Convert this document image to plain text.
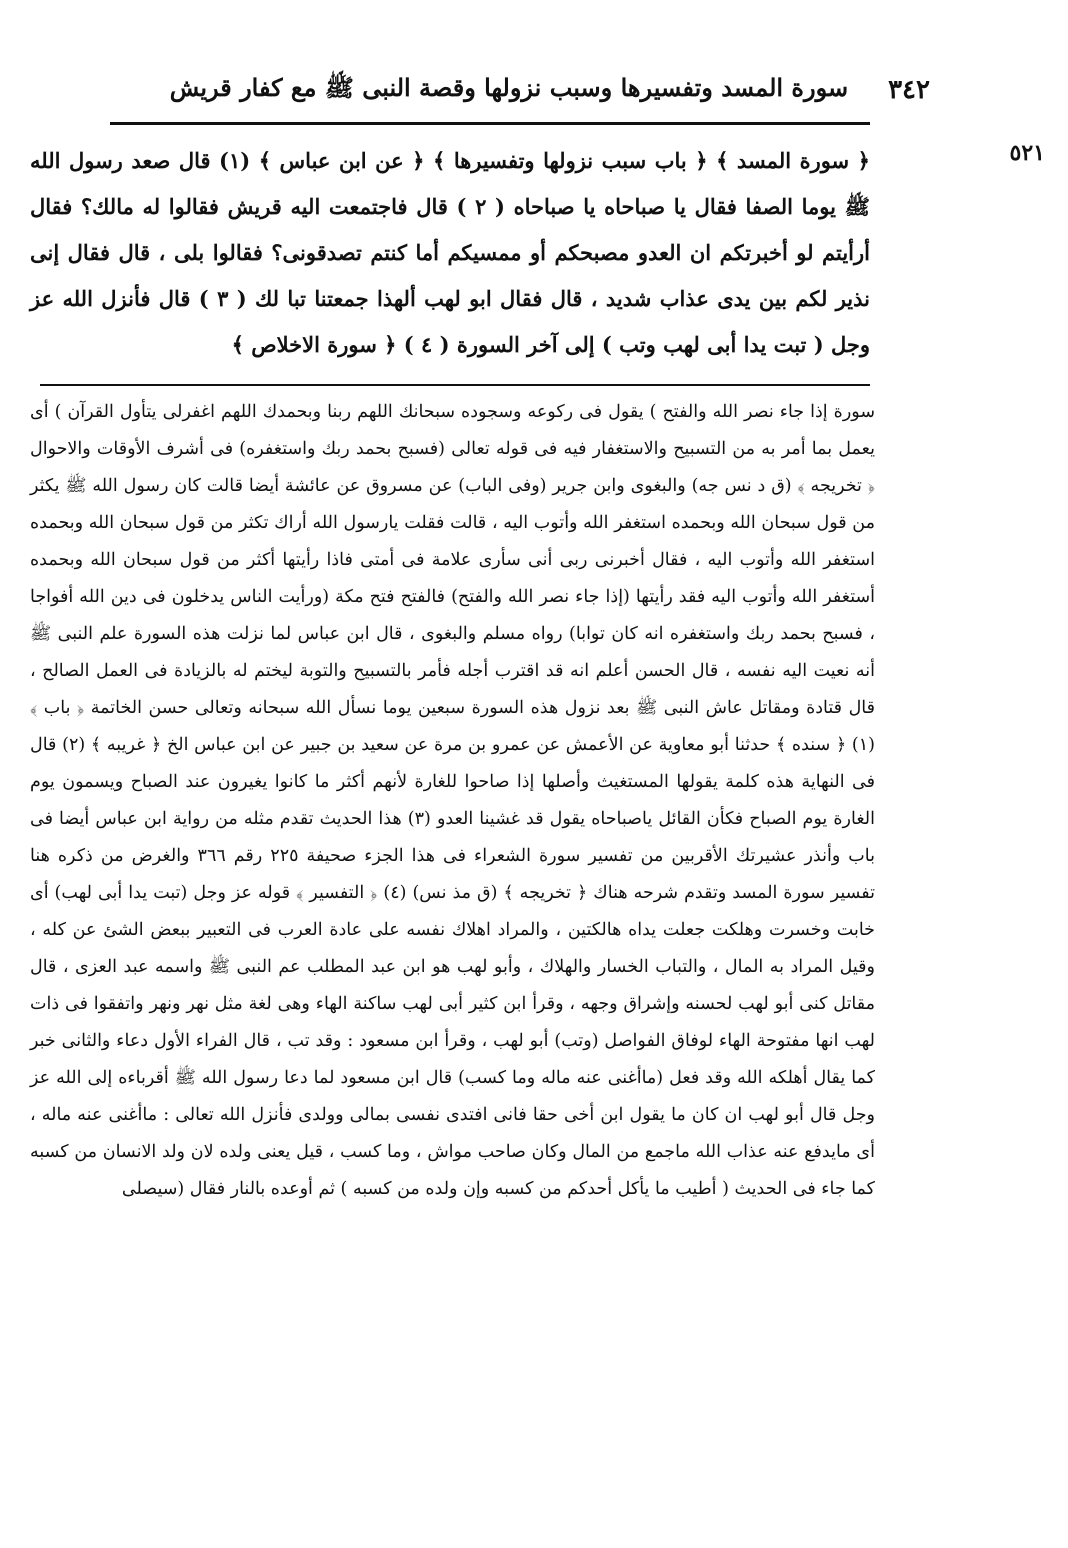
٣٤٢
سورة المسد وتفسيرها وسبب نزولها وقصة النبى ﷺ مع كفار قريش
٥٢١
﴿ سورة المسد ﴾ ﴿ باب سبب نزولها وتفسيرها ﴾ ﴿ عن ابن عباس ﴾ (١) قال صعد رسول الله ﷺ يوما الصفا فقال يا صباحاه يا صباحاه ( ٢ ) قال فاجتمعت اليه قريش فقالوا له مالك؟ فقال أرأيتم لو أخبرتكم ان العدو مصبحكم أو ممسيكم أما كنتم تصدقونى؟ فقالوا بلى ، قال فقال إنى نذير لكم بين يدى عذاب شديد ، قال فقال ابو لهب ألهذا جمعتنا تبا لك ( ٣ ) قال فأنزل الله عز وجل ( تبت يدا أبى لهب وتب ) إلى آخر السورة ( ٤ ) ﴿ سورة الاخلاص ﴾

سورة إذا جاء نصر الله والفتح ) يقول فى ركوعه وسجوده سبحانك اللهم ربنا وبحمدك اللهم اغفرلى يتأول القرآن ) أى يعمل بما أمر به من التسبيح والاستغفار فيه فى قوله تعالى (فسبح بحمد ربك واستغفره) فى أشرف الأوقات والاحوال ﴿ تخريجه ﴾ (ق د نس جه) والبغوى وابن جرير (وفى الباب) عن مسروق عن عائشة أيضا قالت كان رسول الله ﷺ يكثر من قول سبحان الله وبحمده استغفر الله وأتوب اليه ، قالت فقلت يارسول الله أراك تكثر من قول سبحان الله وبحمده استغفر الله وأتوب اليه ، فقال أخبرنى ربى أنى سأرى علامة فى أمتى فاذا رأيتها أكثر من قول سبحان الله وبحمده أستغفر الله وأتوب اليه فقد رأيتها (إذا جاء نصر الله والفتح) فالفتح فتح مكة (ورأيت الناس يدخلون فى دين الله أفواجا ، فسبح بحمد ربك واستغفره انه كان توابا) رواه مسلم والبغوى ، قال ابن عباس لما نزلت هذه السورة علم النبى ﷺ أنه نعيت اليه نفسه ، قال الحسن أعلم انه قد اقترب أجله فأمر بالتسبيح والتوبة ليختم له بالزيادة فى العمل الصالح ، قال قتادة ومقاتل عاش النبى ﷺ بعد نزول هذه السورة سبعين يوما نسأل الله سبحانه وتعالى حسن الخاتمة ﴿ باب ﴾ (١) ﴿ سنده ﴾ حدثنا أبو معاوية عن الأعمش عن عمرو بن مرة عن سعيد بن جبير عن ابن عباس الخ ﴿ غريبه ﴾ (٢) قال فى النهاية هذه كلمة يقولها المستغيث وأصلها إذا صاحوا للغارة لأنهم أكثر ما كانوا يغيرون عند الصباح ويسمون يوم الغارة يوم الصباح فكأن القائل ياصباحاه يقول قد غشينا العدو (٣) هذا الحديث تقدم مثله من رواية ابن عباس أيضا فى باب وأنذر عشيرتك الأقربين من تفسير سورة الشعراء فى هذا الجزء صحيفة ٢٢٥ رقم ٣٦٦ والغرض من ذكره هنا تفسير سورة المسد وتقدم شرحه هناك ﴿ تخريجه ﴾ (ق مذ نس) (٤) ﴿ التفسير ﴾ قوله عز وجل (تبت يدا أبى لهب) أى خابت وخسرت وهلكت جعلت يداه هالكتين ، والمراد اهلاك نفسه على عادة العرب فى التعبير ببعض الشئ عن كله ، وقيل المراد به المال ، والتباب الخسار والهلاك ، وأبو لهب هو ابن عبد المطلب عم النبى ﷺ واسمه عبد العزى ، قال مقاتل كنى أبو لهب لحسنه وإشراق وجهه ، وقرأ ابن كثير أبى لهب ساكنة الهاء وهى لغة مثل نهر ونهر واتفقوا فى ذات لهب انها مفتوحة الهاء لوفاق الفواصل (وتب) أبو لهب ، وقرأ ابن مسعود : وقد تب ، قال الفراء الأول دعاء والثانى خبر كما يقال أهلكه الله وقد فعل (ماأغنى عنه ماله وما كسب) قال ابن مسعود لما دعا رسول الله ﷺ أقرباءه إلى الله عز وجل قال أبو لهب ان كان ما يقول ابن أخى حقا فانى افتدى نفسى بمالى وولدى فأنزل الله تعالى : ماأغنى عنه ماله ، أى مايدفع عنه عذاب الله ماجمع من المال وكان صاحب مواش ، وما كسب ، قيل يعنى ولده لان ولد الانسان من كسبه كما جاء فى الحديث ( أطيب ما يأكل أحدكم من كسبه وإن ولده من كسبه ) ثم أوعده بالنار فقال (سيصلى
